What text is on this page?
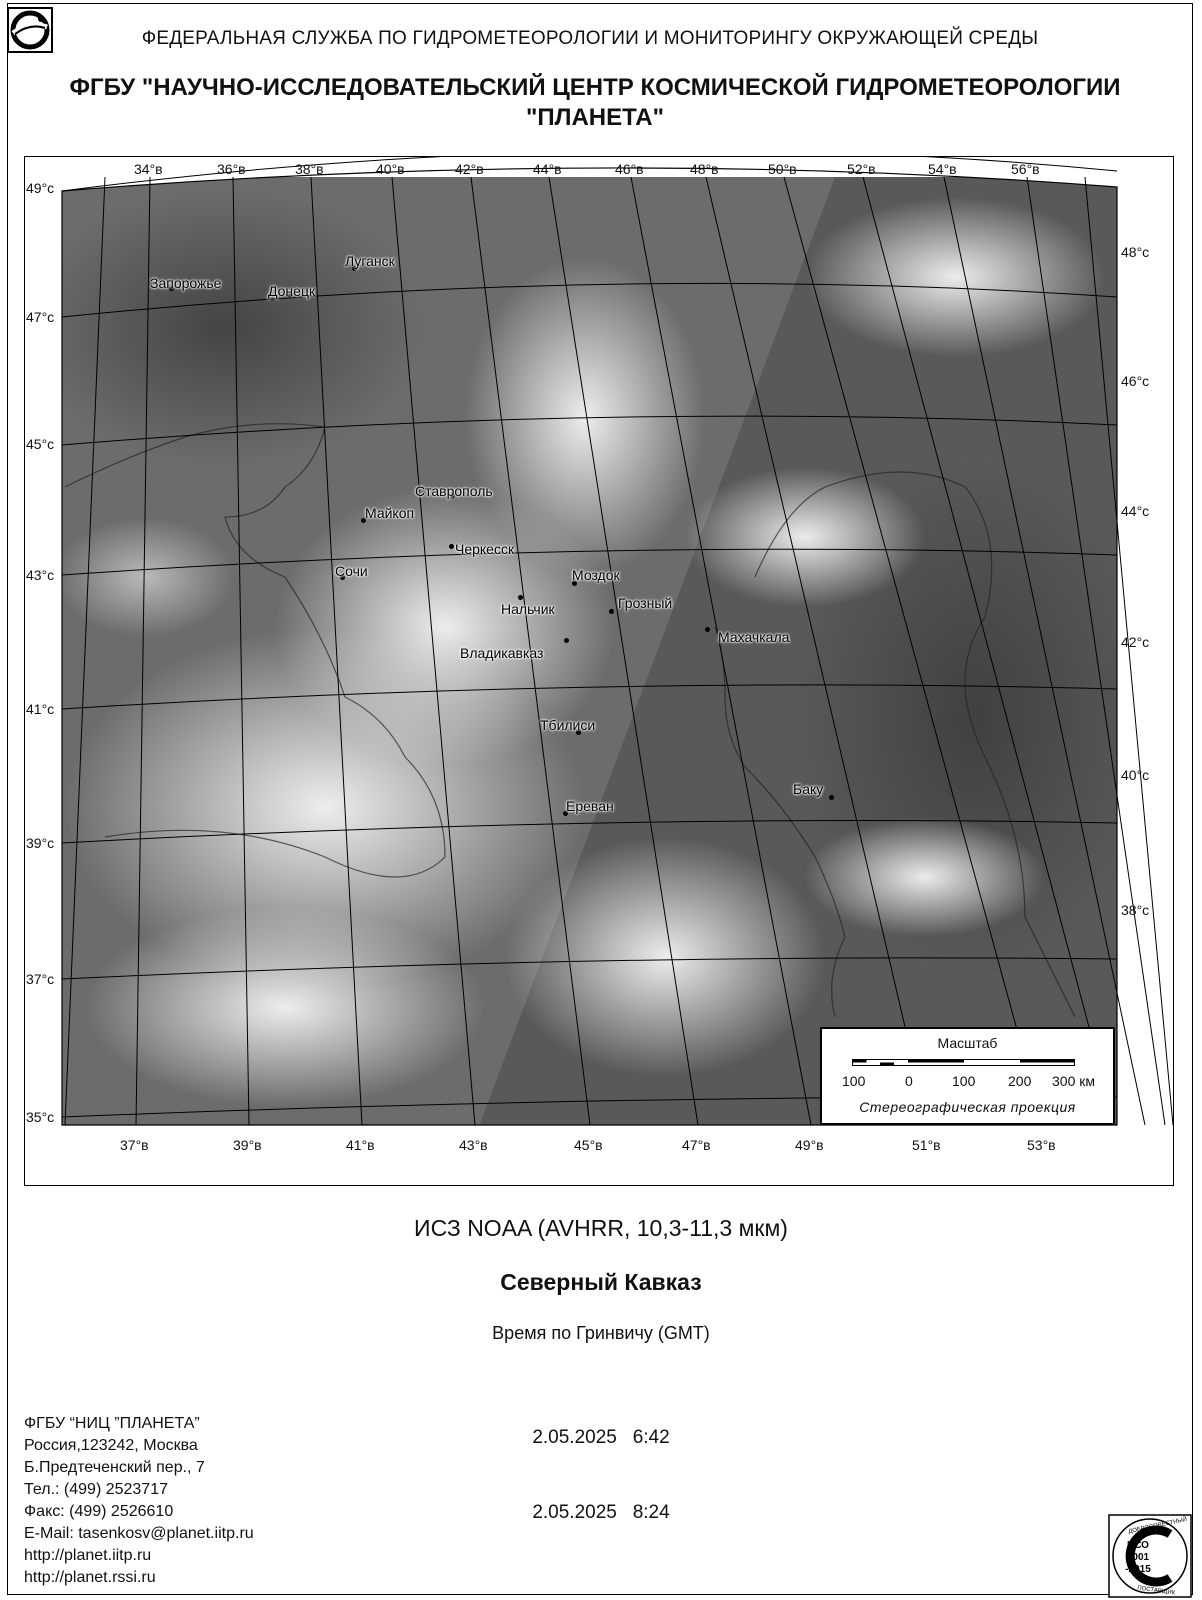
ФЕДЕРАЛЬНАЯ СЛУЖБА ПО ГИДРОМЕТЕОРОЛОГИИ И МОНИТОРИНГУ ОКРУЖАЮЩЕЙ СРЕДЫ
ФГБУ "НАУЧНО-ИССЛЕДОВАТЕЛЬСКИЙ ЦЕНТР КОСМИЧЕСКОЙ ГИДРОМЕТЕОРОЛОГИИ
"ПЛАНЕТА"
34°в	36°в	38°в	40°в	42°в	44°в	46°в	48°в	50°в	52°в	54°в	56°в
37°в	39°в	41°в	43°в	45°в	47°в	49°в	51°в	53°в
49°с
47°с
45°с
43°с
41°с
39°с
37°с
35°с
48°с
46°с
44°с
42°с
40°с
38°с
Запорожье	Донецк
Луганск
Ставрополь
Майкоп
Черкесск
Сочи	Моздок
Нальчик	Грозный
Владикавказ
Махачкала
Тбилиси
Ереван
Баку
Масштаб
100	0	100 200 300 км
Стереографическая проекция
ИСЗ NOAA (AVHRR, 10,3-11,3 мкм)
Северный Кавказ
Время по Гринвичу (GMT)

2.05.2025   6:42

2.05.2025   8:24

ФГБУ “НИЦ ”ПЛАНЕТА”
Россия,123242, Москва
Б.Предтеченский пер., 7
Тел.: (499) 2523717
Факс: (499) 2526610
E-Mail: tasenkosv@planet.iitp.ru
http://planet.iitp.ru
http://planet.rssi.ru
ИСО
9001
-2015
ДОБРОСОВЕСТНЫЙ
ПОСТАВЩИК
